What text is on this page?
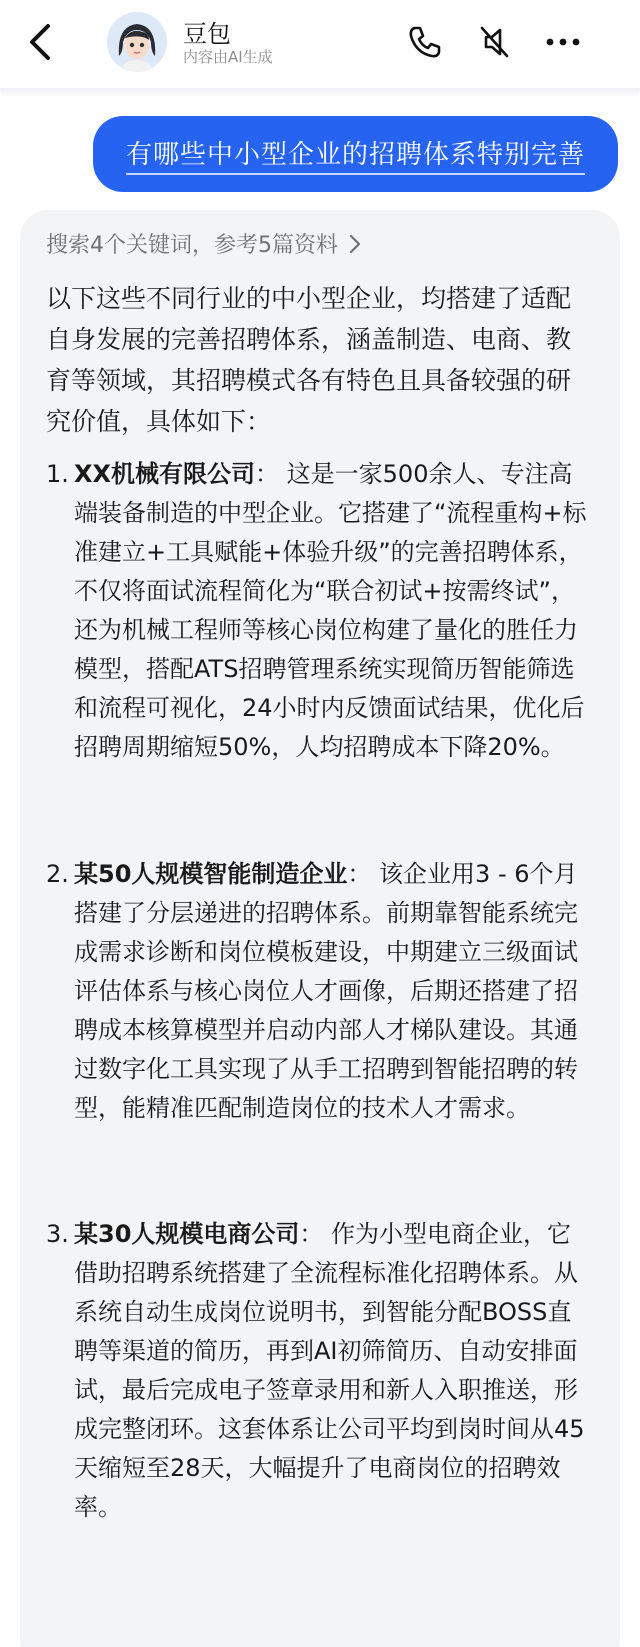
豆包
内容由AI生成
有哪些中小型企业的招聘体系特别完善
搜索4个关键词，参考5篇资料
以下这些不同行业的中小型企业，均搭建了适配自身发展的完善招聘体系，涵盖制造、电商、教育等领域，其招聘模式各有特色且具备较强的研究价值，具体如下：
1. XX机械有限公司： 这是一家500余人、专注高端装备制造的中型企业。它搭建了“流程重构+标准建立+工具赋能+体验升级”的完善招聘体系，不仅将面试流程简化为“联合初试+按需终试”，还为机械工程师等核心岗位构建了量化的胜任力模型，搭配ATS招聘管理系统实现简历智能筛选和流程可视化，24小时内反馈面试结果，优化后招聘周期缩短50%，人均招聘成本下降20%。
2. 某50人规模智能制造企业： 该企业用3 - 6个月搭建了分层递进的招聘体系。前期靠智能系统完成需求诊断和岗位模板建设，中期建立三级面试评估体系与核心岗位人才画像，后期还搭建了招聘成本核算模型并启动内部人才梯队建设。其通过数字化工具实现了从手工招聘到智能招聘的转型，能精准匹配制造岗位的技术人才需求。
3. 某30人规模电商公司： 作为小型电商企业，它借助招聘系统搭建了全流程标准化招聘体系。从系统自动生成岗位说明书，到智能分配BOSS直聘等渠道的简历，再到AI初筛简历、自动安排面试，最后完成电子签章录用和新人入职推送，形成完整闭环。这套体系让公司平均到岗时间从45天缩短至28天，大幅提升了电商岗位的招聘效率。
